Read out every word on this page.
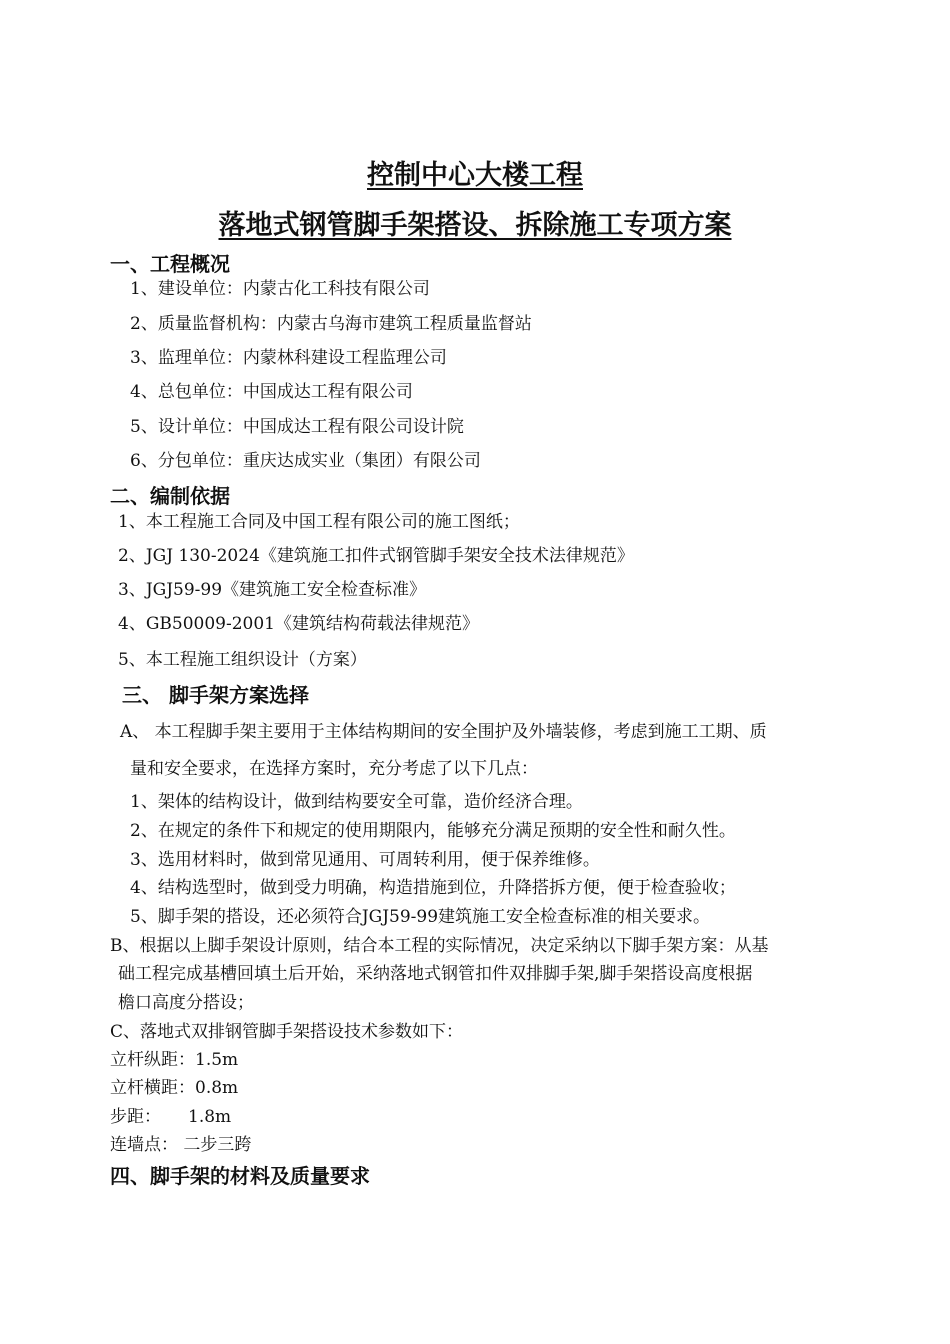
控制中心大楼工程
落地式钢管脚手架搭设、拆除施工专项方案
一、工程概况
1、建设单位：内蒙古化工科技有限公司
2、质量监督机构：内蒙古乌海市建筑工程质量监督站
3、监理单位：内蒙林科建设工程监理公司
4、总包单位：中国成达工程有限公司
5、设计单位：中国成达工程有限公司设计院
6、分包单位：重庆达成实业（集团）有限公司
二、编制依据
1、本工程施工合同及中国工程有限公司的施工图纸；
2、JGJ 130-2024《建筑施工扣件式钢管脚手架安全技术法律规范》
3、JGJ59-99《建筑施工安全检查标准》
4、GB50009-2001《建筑结构荷载法律规范》
5、本工程施工组织设计（方案）
三、 脚手架方案选择
A、 本工程脚手架主要用于主体结构期间的安全围护及外墙装修，考虑到施工工期、质
量和安全要求，在选择方案时，充分考虑了以下几点：
1、架体的结构设计，做到结构要安全可靠，造价经济合理。
2、在规定的条件下和规定的使用期限内，能够充分满足预期的安全性和耐久性。
3、选用材料时，做到常见通用、可周转利用，便于保养维修。
4、结构选型时，做到受力明确，构造措施到位，升降搭拆方便，便于检查验收；
5、脚手架的搭设，还必须符合JGJ59-99建筑施工安全检查标准的相关要求。
B、根据以上脚手架设计原则，结合本工程的实际情况，决定采纳以下脚手架方案：从基
础工程完成基槽回填土后开始，采纳落地式钢管扣件双排脚手架,脚手架搭设高度根据
檐口高度分搭设；
C、落地式双排钢管脚手架搭设技术参数如下：
立杆纵距：1.5m
立杆横距：0.8m
步距：     1.8m
连墙点： 二步三跨
四、脚手架的材料及质量要求
